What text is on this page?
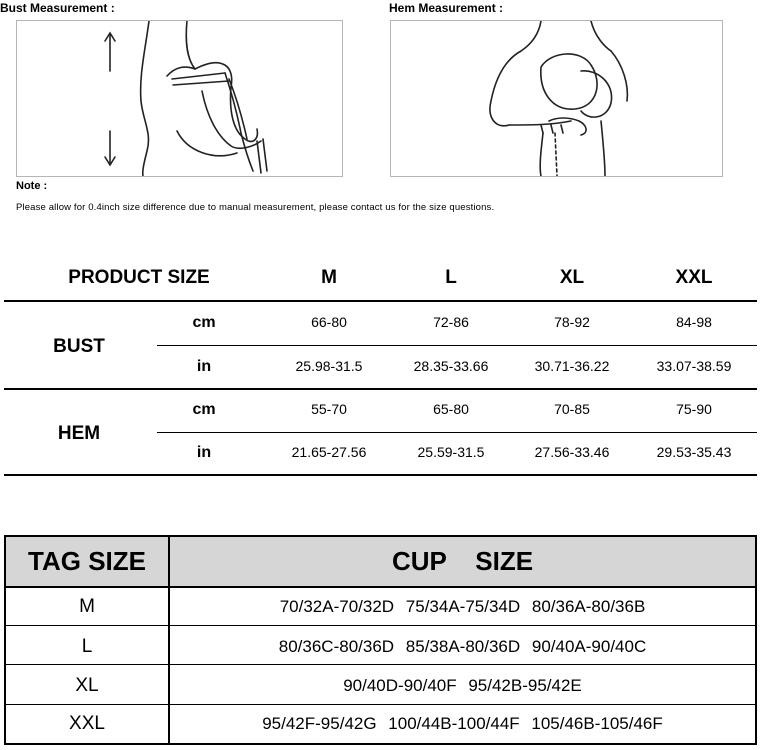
Bust Measurement :	Hem Measurement :
Note :
Please allow for 0.4inch size difference due to manual measurement, please contact us for the size questions.
PRODUCT SIZE	M	L	XL	XXL
BUST
cm	66-80	72-86	78-92	84-98
in	25.98-31.5	28.35-33.66	30.71-36.22	33.07-38.59
HEM
cm	55-70	65-80	70-85	75-90
in	21.65-27.56	25.59-31.5	27.56-33.46	29.53-35.43
TAG SIZE	CUP    SIZE
M	70/32A-70/32D 75/34A-75/34D 80/36A-80/36B
L	80/36C-80/36D 85/38A-80/36D 90/40A-90/40C
XL	90/40D-90/40F 95/42B-95/42E
XXL	95/42F-95/42G 100/44B-100/44F 105/46B-105/46F
